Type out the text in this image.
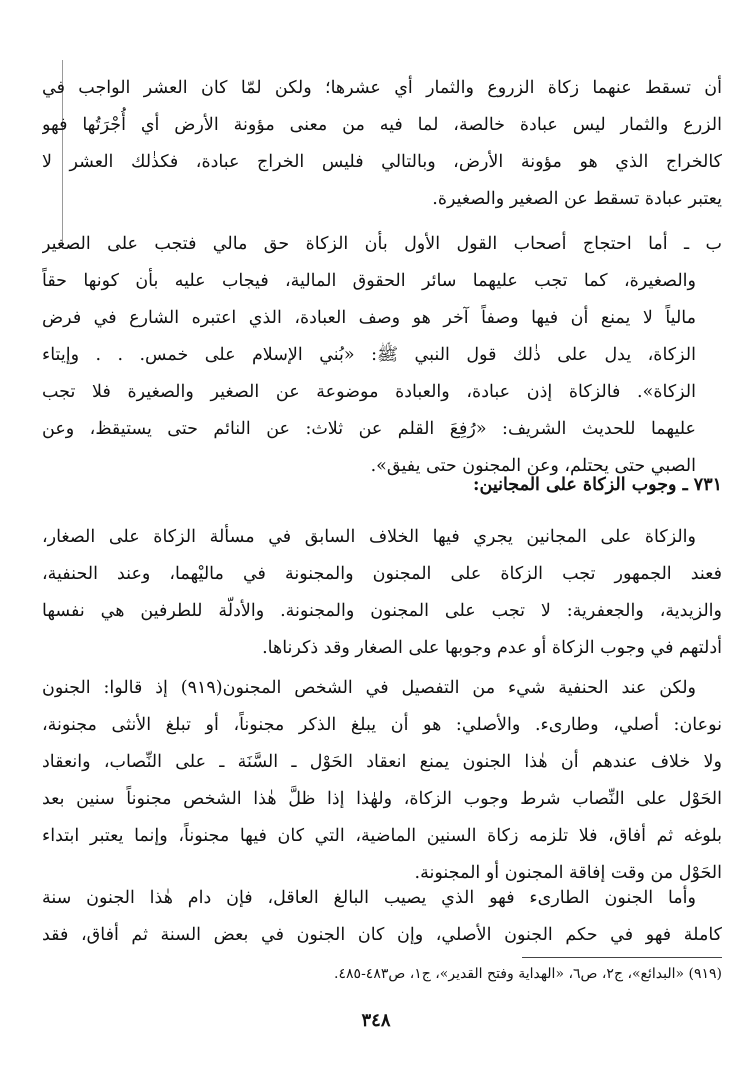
أن تسقط عنهما زكاة الزروع والثمار أي عشرها؛ ولكن لمّا كان العشر الواجب في
الزرع والثمار ليس عبادة خالصة، لما فيه من معنى مؤونة الأرض أي أُجْرَتُها فهو
كالخراج الذي هو مؤونة الأرض، وبالتالي فليس الخراج عبادة، فكذٰلك العشر لا
يعتبر عبادة تسقط عن الصغير والصغيرة.
ب ـ أما احتجاج أصحاب القول الأول بأن الزكاة حق مالي فتجب على الصغير
والصغيرة، كما تجب عليهما سائر الحقوق المالية، فيجاب عليه بأن كونها حقاً
مالياً لا يمنع أن فيها وصفاً آخر هو وصف العبادة، الذي اعتبره الشارع في فرض
الزكاة، يدل على ذٰلك قول النبي ﷺ: «بُني الإسلام على خمس. . . وإيتاء
الزكاة». فالزكاة إذن عبادة، والعبادة موضوعة عن الصغير والصغيرة فلا تجب
عليهما للحديث الشريف: «رُفِعَ القلم عن ثلاث: عن النائم حتى يستيقظ، وعن
الصبي حتى يحتلم، وعن المجنون حتى يفيق».
٧٣١ ـ وجوب الزكاة على المجانين:
والزكاة على المجانين يجري فيها الخلاف السابق في مسألة الزكاة على الصغار،
فعند الجمهور تجب الزكاة على المجنون والمجنونة في ماليْهما، وعند الحنفية،
والزيدية، والجعفرية: لا تجب على المجنون والمجنونة. والأدلّة للطرفين هي نفسها
أدلتهم في وجوب الزكاة أو عدم وجوبها على الصغار وقد ذكرناها.
ولكن عند الحنفية شيء من التفصيل في الشخص المجنون(٩١٩) إذ قالوا: الجنون
نوعان: أصلي، وطارىء. والأصلي: هو أن يبلغ الذكر مجنوناً، أو تبلغ الأنثى مجنونة،
ولا خلاف عندهم أن هٰذا الجنون يمنع انعقاد الحَوْل ـ السَّنَة ـ على النِّصاب، وانعقاد
الحَوْل على النِّصاب شرط وجوب الزكاة، ولهٰذا إذا ظلَّ هٰذا الشخص مجنوناً سنين بعد
بلوغه ثم أفاق، فلا تلزمه زكاة السنين الماضية، التي كان فيها مجنوناً، وإنما يعتبر ابتداء
الحَوْل من وقت إفاقة المجنون أو المجنونة.
وأما الجنون الطارىء فهو الذي يصيب البالغ العاقل، فإن دام هٰذا الجنون سنة
كاملة فهو في حكم الجنون الأصلي، وإن كان الجنون في بعض السنة ثم أفاق، فقد
(٩١٩) «البدائع»، ج٢، ص٦، «الهداية وفتح القدير»، ج١، ص٤٨٣-٤٨٥.
٣٤٨
